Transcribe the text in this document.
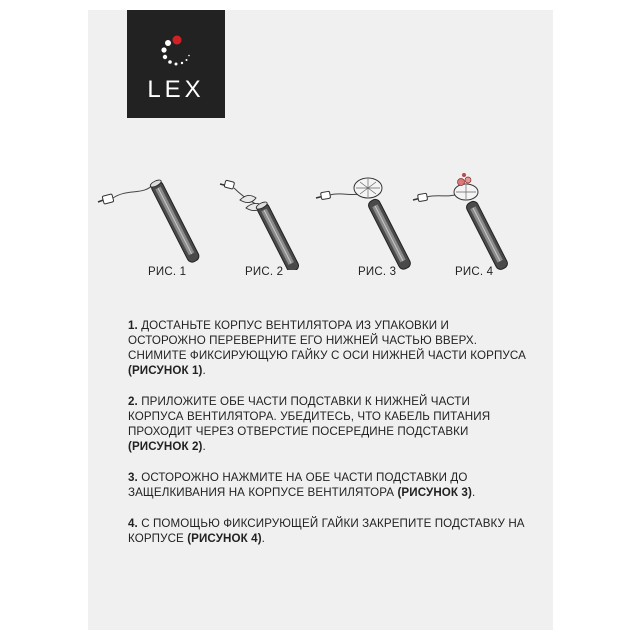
LEX
РИС. 1	РИС. 2	РИС. 3	РИС. 4
1. ДОСТАНЬТЕ КОРПУС ВЕНТИЛЯТОРА ИЗ УПАКОВКИ И ОСТОРОЖНО ПЕРЕВЕРНИТЕ ЕГО НИЖНЕЙ ЧАСТЬЮ ВВЕРХ. СНИМИТЕ ФИКСИРУЮЩУЮ ГАЙКУ С ОСИ НИЖНЕЙ ЧАСТИ КОРПУСА (РИСУНОК 1).
2. ПРИЛОЖИТЕ ОБЕ ЧАСТИ ПОДСТАВКИ К НИЖНЕЙ ЧАСТИ КОРПУСА ВЕНТИЛЯТОРА. УБЕДИТЕСЬ, ЧТО КАБЕЛЬ ПИТАНИЯ ПРОХОДИТ ЧЕРЕЗ ОТВЕРСТИЕ ПОСЕРЕДИНЕ ПОДСТАВКИ (РИСУНОК 2).
3. ОСТОРОЖНО НАЖМИТЕ НА ОБЕ ЧАСТИ ПОДСТАВКИ ДО ЗАЩЕЛКИВАНИЯ НА КОРПУСЕ ВЕНТИЛЯТОРА (РИСУНОК 3).
4. С ПОМОЩЬЮ ФИКСИРУЮЩЕЙ ГАЙКИ ЗАКРЕПИТЕ ПОДСТАВКУ НА КОРПУСЕ (РИСУНОК 4).
